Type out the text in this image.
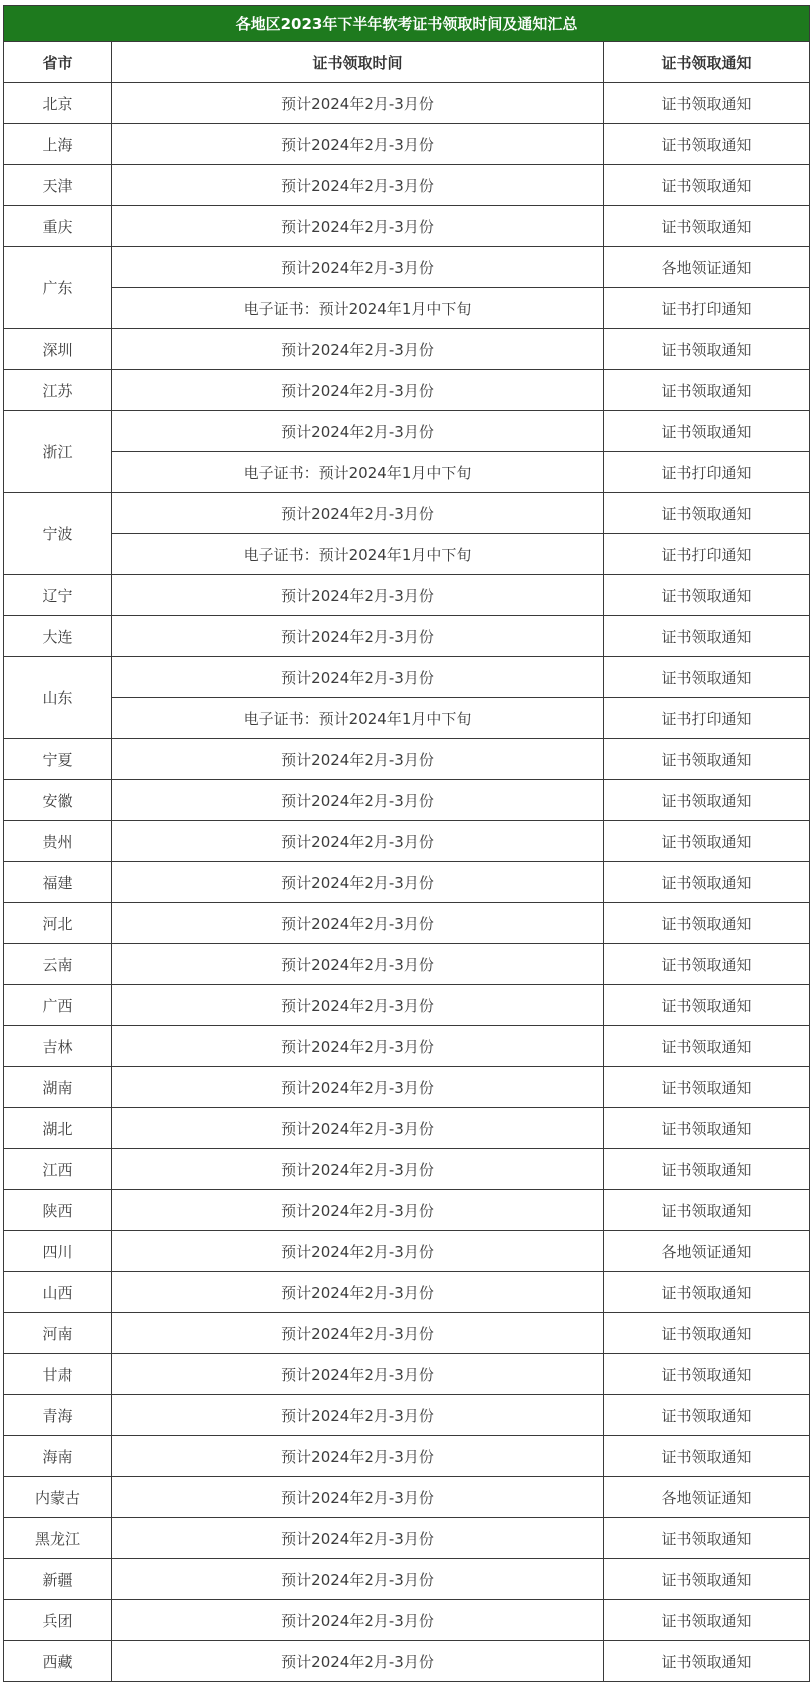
各地区2023年下半年软考证书领取时间及通知汇总		
省市	证书领取时间	证书领取通知
北京	预计2024年2月-3月份	证书领取通知
上海	预计2024年2月-3月份	证书领取通知
天津	预计2024年2月-3月份	证书领取通知
重庆	预计2024年2月-3月份	证书领取通知
广东	预计2024年2月-3月份	各地领证通知
	电子证书：预计2024年1月中下旬	证书打印通知
深圳	预计2024年2月-3月份	证书领取通知
江苏	预计2024年2月-3月份	证书领取通知
浙江	预计2024年2月-3月份	证书领取通知
	电子证书：预计2024年1月中下旬	证书打印通知
宁波	预计2024年2月-3月份	证书领取通知
	电子证书：预计2024年1月中下旬	证书打印通知
辽宁	预计2024年2月-3月份	证书领取通知
大连	预计2024年2月-3月份	证书领取通知
山东	预计2024年2月-3月份	证书领取通知
	电子证书：预计2024年1月中下旬	证书打印通知
宁夏	预计2024年2月-3月份	证书领取通知
安徽	预计2024年2月-3月份	证书领取通知
贵州	预计2024年2月-3月份	证书领取通知
福建	预计2024年2月-3月份	证书领取通知
河北	预计2024年2月-3月份	证书领取通知
云南	预计2024年2月-3月份	证书领取通知
广西	预计2024年2月-3月份	证书领取通知
吉林	预计2024年2月-3月份	证书领取通知
湖南	预计2024年2月-3月份	证书领取通知
湖北	预计2024年2月-3月份	证书领取通知
江西	预计2024年2月-3月份	证书领取通知
陕西	预计2024年2月-3月份	证书领取通知
四川	预计2024年2月-3月份	各地领证通知
山西	预计2024年2月-3月份	证书领取通知
河南	预计2024年2月-3月份	证书领取通知
甘肃	预计2024年2月-3月份	证书领取通知
青海	预计2024年2月-3月份	证书领取通知
海南	预计2024年2月-3月份	证书领取通知
内蒙古	预计2024年2月-3月份	各地领证通知
黑龙江	预计2024年2月-3月份	证书领取通知
新疆	预计2024年2月-3月份	证书领取通知
兵团	预计2024年2月-3月份	证书领取通知
西藏	预计2024年2月-3月份	证书领取通知
